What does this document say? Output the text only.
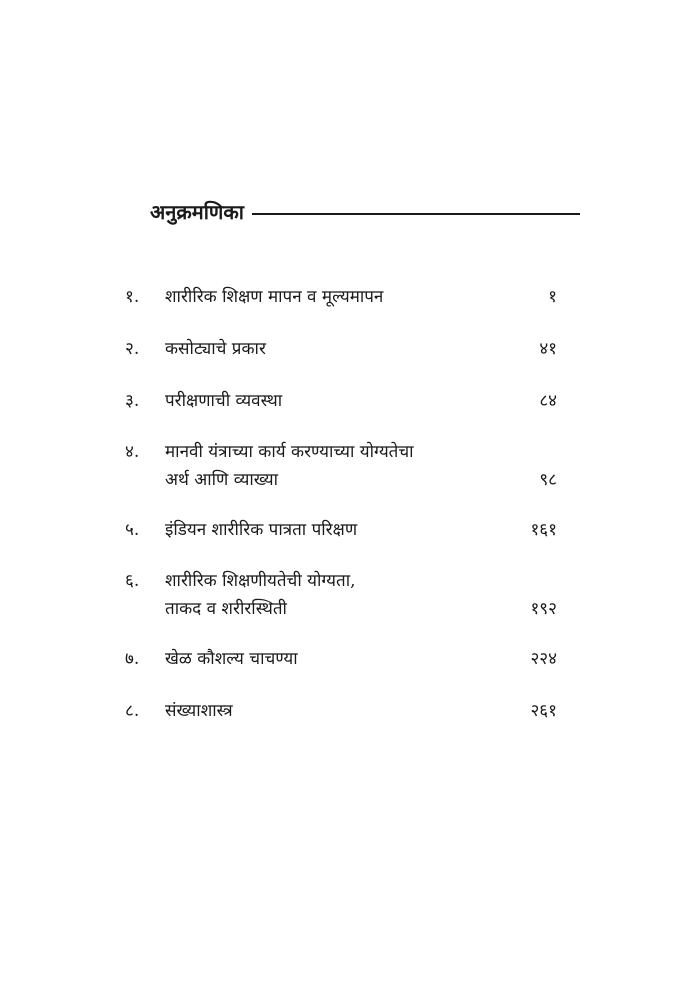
अनुक्रमणिका
१.	शारीरिक शिक्षण मापन व मूल्यमापन	१
२.	कसोट्याचे प्रकार	४१
३.	परीक्षणाची व्यवस्था	८४
४.	मानवी यंत्राच्या कार्य करण्याच्या योग्यतेचा
अर्थ आणि व्याख्या	९८
५.	इंडियन शारीरिक पात्रता परिक्षण	१६१
६.	शारीरिक शिक्षणीयतेची योग्यता,
ताकद व शरीरस्थिती	१९२
७.	खेळ कौशल्य चाचण्या	२२४
८.	संख्याशास्त्र	२६१
